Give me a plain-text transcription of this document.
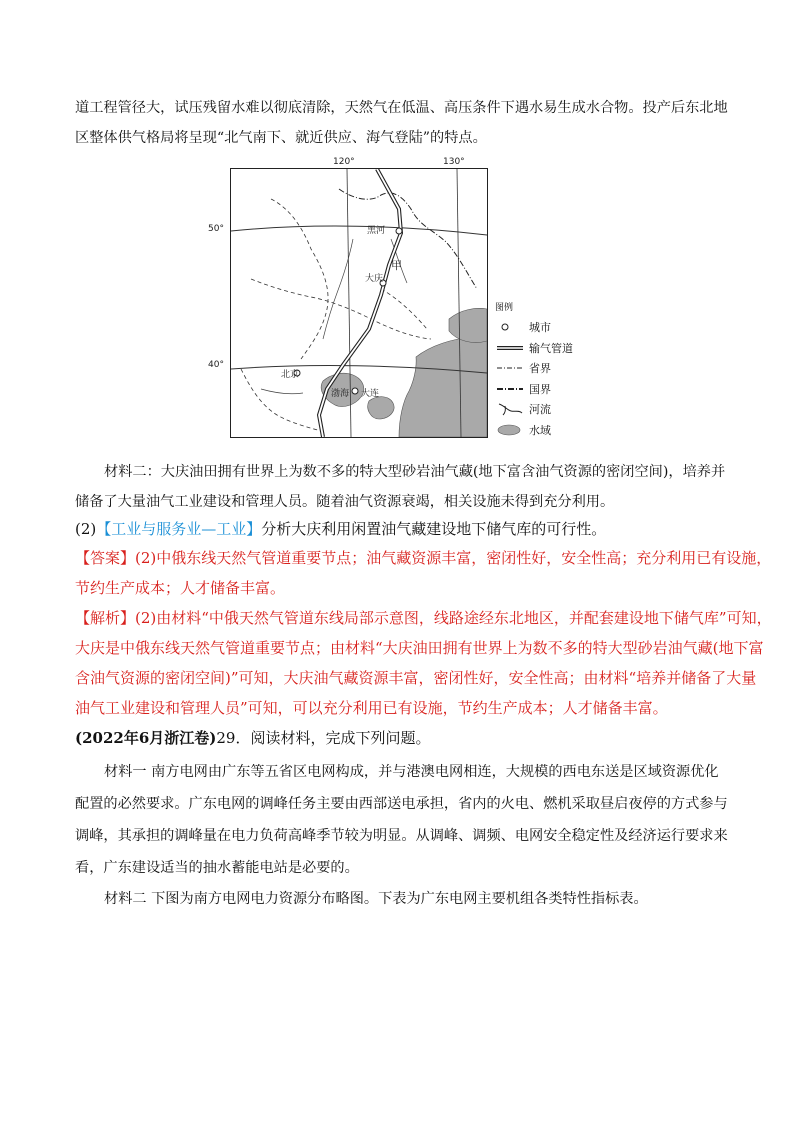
道工程管径大，试压残留水难以彻底清除，天然气在低温、高压条件下遇水易生成水合物。投产后东北地
区整体供气格局将呈现“北气南下、就近供应、海气登陆”的特点。
120°	130°
50°
40°
黑河
甲
大庆
北京
渤海 大连
图例
城市
输气管道
省界
国界
河流
水域
材料二：大庆油田拥有世界上为数不多的特大型砂岩油气藏(地下富含油气资源的密闭空间)，培养并
储备了大量油气工业建设和管理人员。随着油气资源衰竭，相关设施未得到充分利用。
(2)【工业与服务业—工业】分析大庆利用闲置油气藏建设地下储气库的可行性。
【答案】(2)中俄东线天然气管道重要节点；油气藏资源丰富，密闭性好，安全性高；充分利用已有设施，
节约生产成本；人才储备丰富。
【解析】(2)由材料“中俄天然气管道东线局部示意图，线路途经东北地区，并配套建设地下储气库”可知，
大庆是中俄东线天然气管道重要节点；由材料“大庆油田拥有世界上为数不多的特大型砂岩油气藏(地下富
含油气资源的密闭空间)”可知，大庆油气藏资源丰富，密闭性好，安全性高；由材料“培养并储备了大量
油气工业建设和管理人员”可知，可以充分利用已有设施，节约生产成本；人才储备丰富。
(2022年6月浙江卷)29．阅读材料，完成下列问题。
材料一 南方电网由广东等五省区电网构成，并与港澳电网相连，大规模的西电东送是区域资源优化
配置的必然要求。广东电网的调峰任务主要由西部送电承担，省内的火电、燃机采取昼启夜停的方式参与
调峰，其承担的调峰量在电力负荷高峰季节较为明显。从调峰、调频、电网安全稳定性及经济运行要求来
看，广东建设适当的抽水蓄能电站是必要的。
材料二 下图为南方电网电力资源分布略图。下表为广东电网主要机组各类特性指标表。
